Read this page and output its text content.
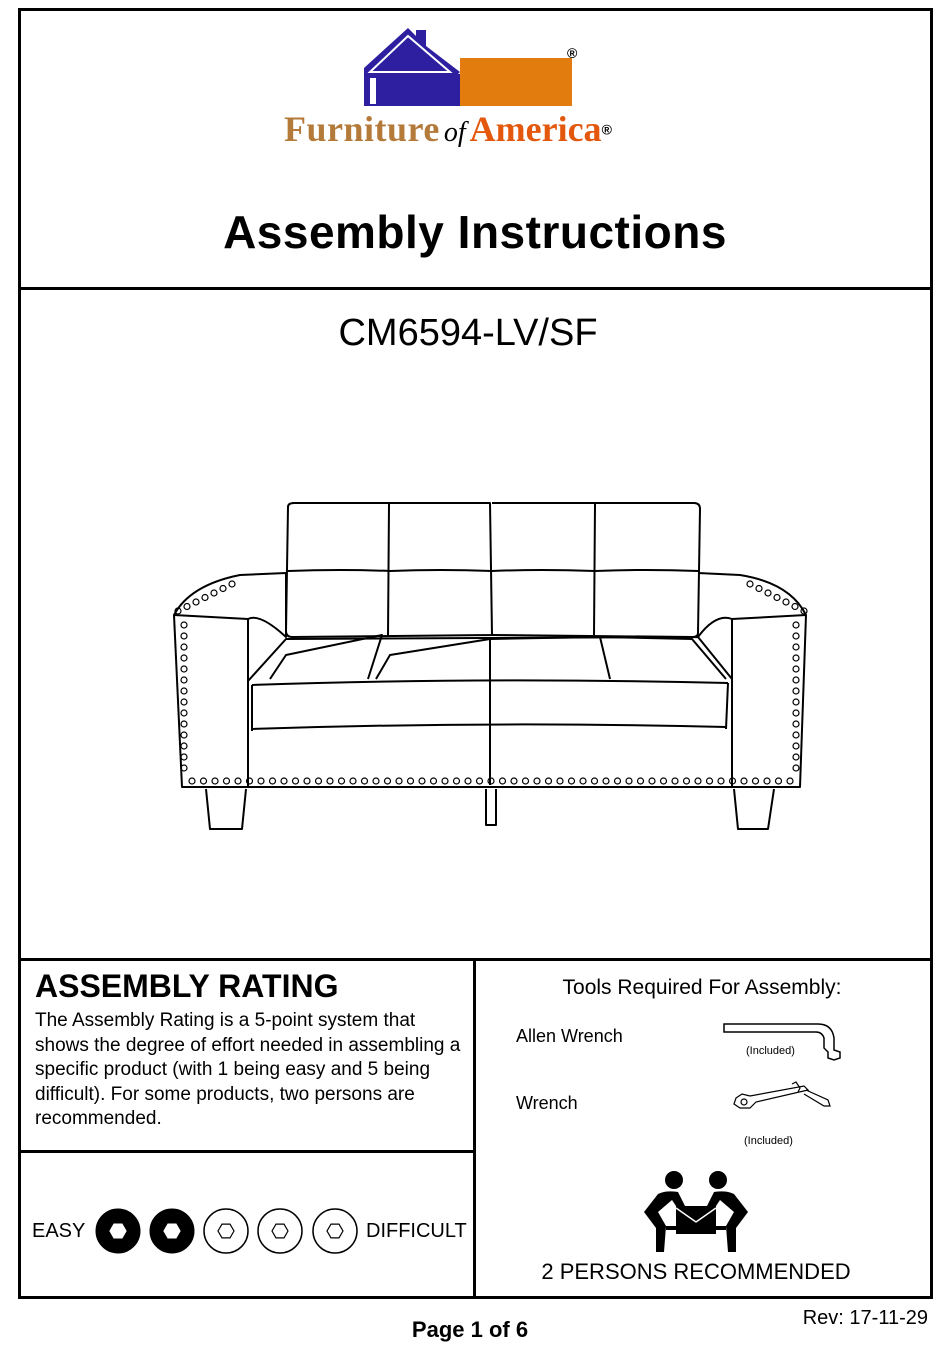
®
Furniture of America®
Assembly Instructions
CM6594-LV/SF
ASSEMBLY RATING
The Assembly Rating is a 5-point system that shows the degree of effort needed in assembling a specific product (with 1 being easy and 5 being difficult). For some products, two persons are recommended.
Tools Required For Assembly:
Allen Wrench
Wrench
(Included)
(Included)
EASY	DIFFICULT
2 PERSONS RECOMMENDED
Page 1 of 6	Rev: 17-11-29
